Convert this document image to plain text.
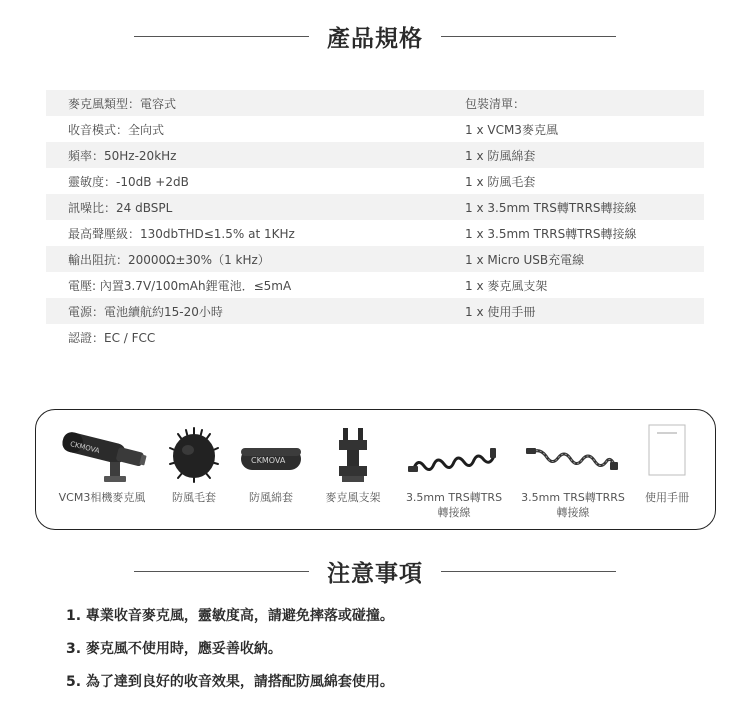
產品規格
麥克風類型：電容式	包裝清單：
收音模式：全向式	1 x VCM3麥克風
頻率：50Hz-20kHz	1 x 防風綿套
靈敏度：-10dB +2dB	1 x 防風毛套
訊噪比：24 dBSPL	1 x 3.5mm TRS轉TRRS轉接線
最高聲壓級：130dbTHD≤1.5% at 1KHz	1 x 3.5mm TRRS轉TRS轉接線
輸出阻抗：20000Ω±30%（1 kHz）	1 x Micro USB充電線
電壓: 內置3.7V/100mAh鋰電池．≤5mA	1 x 麥克風支架
電源：電池續航約15-20小時	1 x 使用手冊
認證：EC / FCC
CKMOVA
VCM3相機麥克風	防風毛套
CKMOVA
防風綿套	麥克風支架	3.5mm TRS轉TRS
轉接線
3.5mm TRS轉TRRS
轉接線
使用手冊
注意事項
1. 專業收音麥克風，靈敏度高，請避免摔落或碰撞。
3. 麥克風不使用時，應妥善收納。
5. 為了達到良好的收音效果，請搭配防風綿套使用。
